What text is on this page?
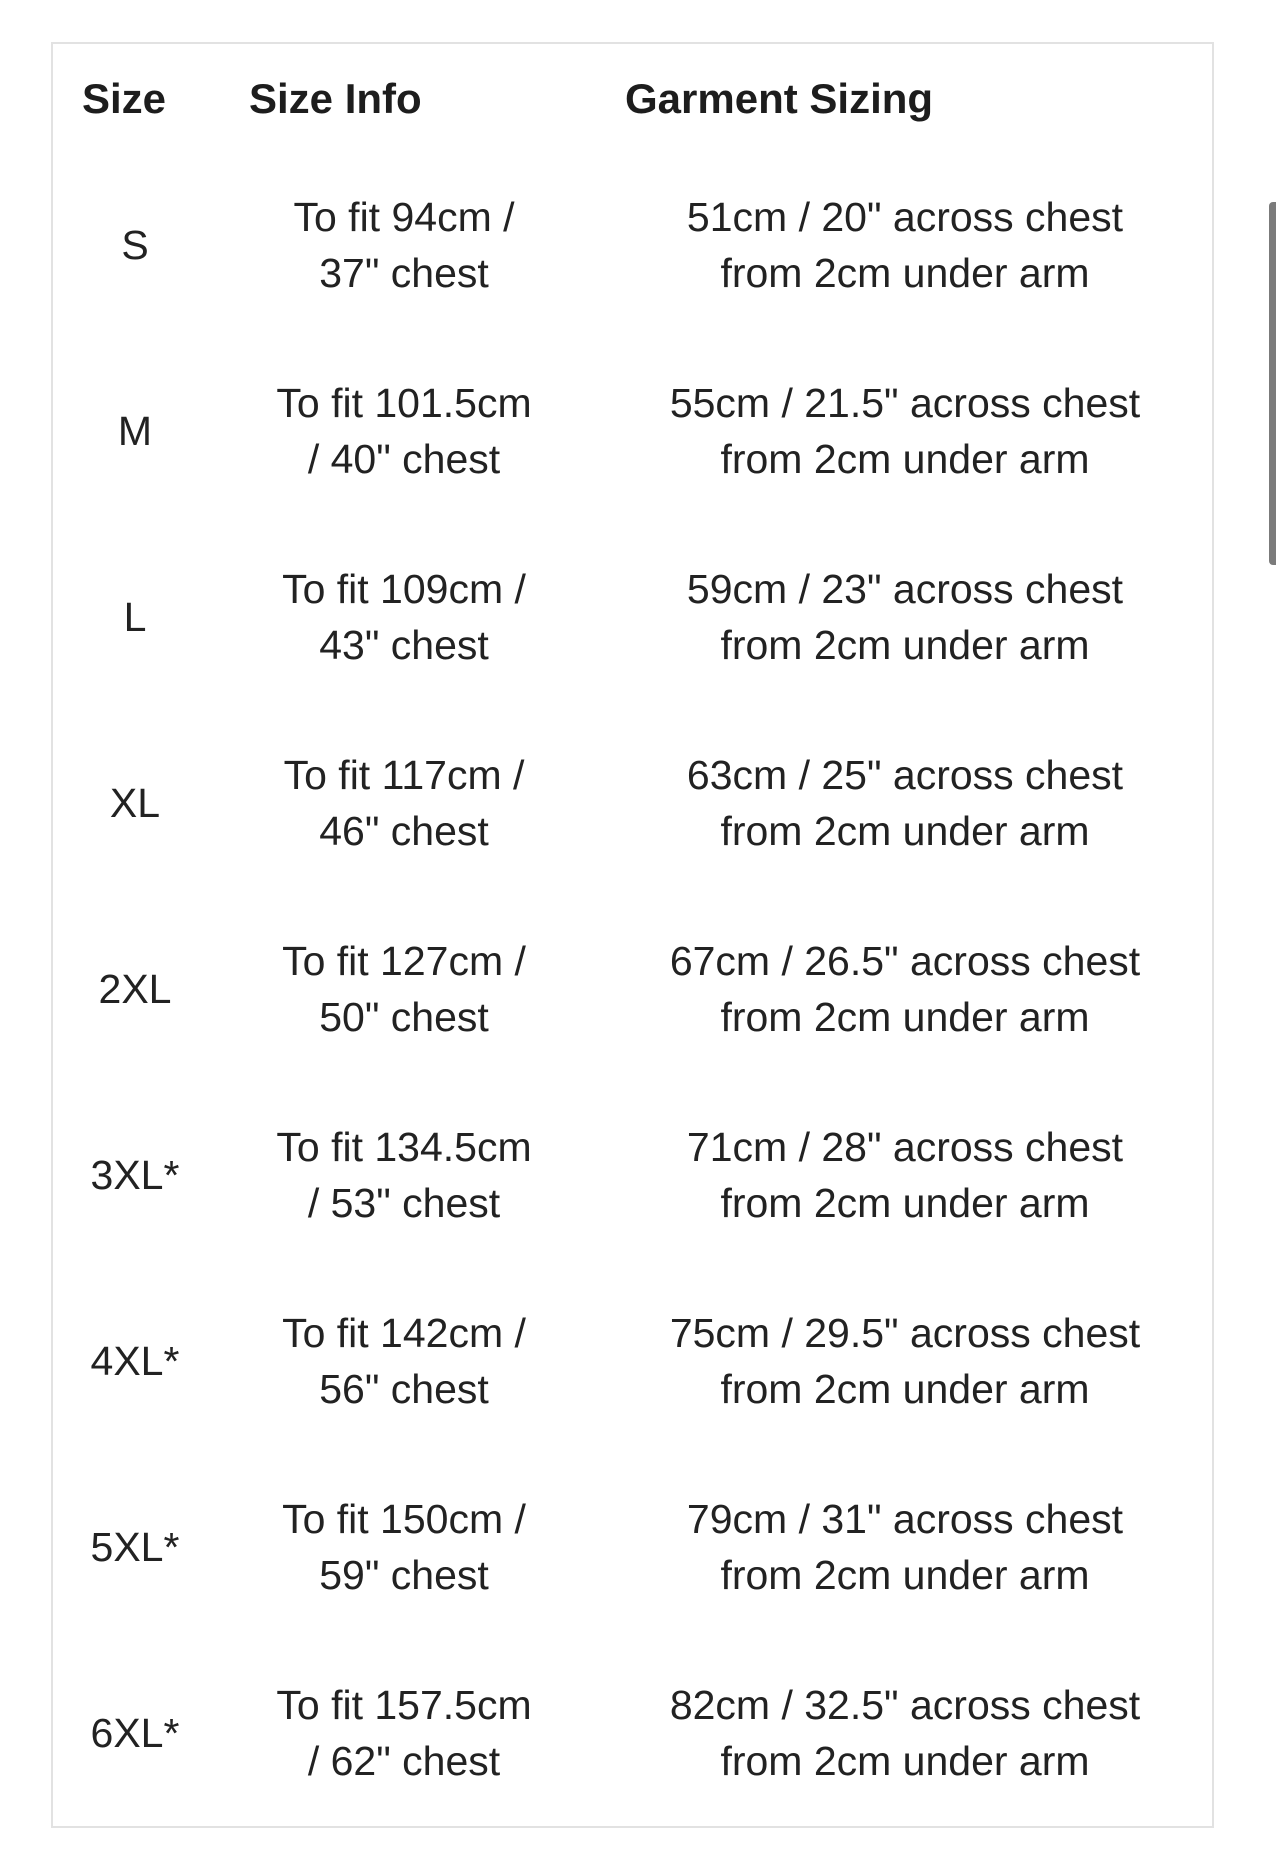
Size	Size Info	Garment Sizing
S
To fit 94cm /
37" chest
51cm / 20" across chest
from 2cm under arm
M
To fit 101.5cm
/ 40" chest
55cm / 21.5" across chest
from 2cm under arm
L
To fit 109cm /
43" chest
59cm / 23" across chest
from 2cm under arm
XL
To fit 117cm /
46" chest
63cm / 25" across chest
from 2cm under arm
2XL
To fit 127cm /
50" chest
67cm / 26.5" across chest
from 2cm under arm
3XL*
To fit 134.5cm
/ 53" chest
71cm / 28" across chest
from 2cm under arm
4XL*
To fit 142cm /
56" chest
75cm / 29.5" across chest
from 2cm under arm
5XL*
To fit 150cm /
59" chest
79cm / 31" across chest
from 2cm under arm
6XL*
To fit 157.5cm
/ 62" chest
82cm / 32.5" across chest
from 2cm under arm
